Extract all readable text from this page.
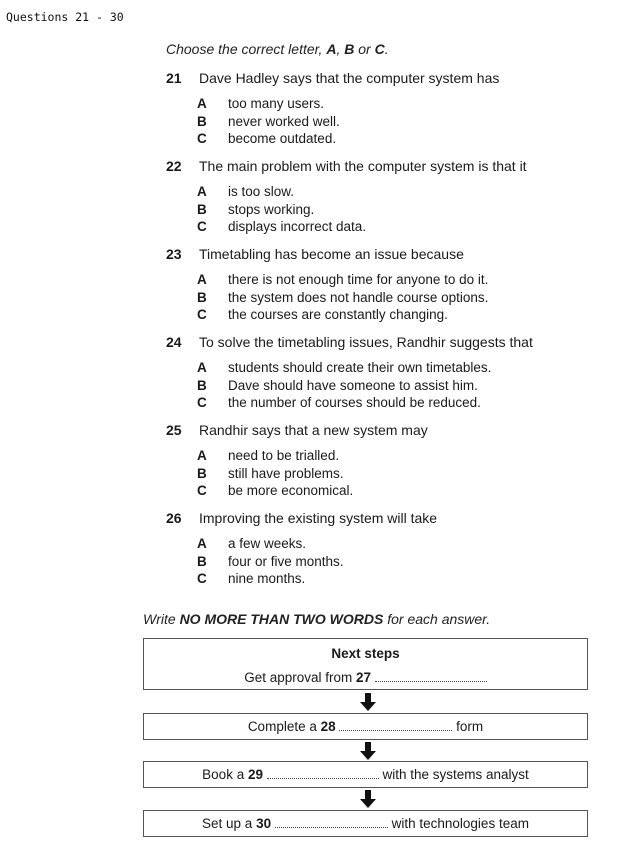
Questions 21 - 30
Choose the correct letter, A, B or C.
21	Dave Hadley says that the computer system has
A	too many users.
B	never worked well.
C	become outdated.
22	The main problem with the computer system is that it
A	is too slow.
B	stops working.
C	displays incorrect data.
23	Timetabling has become an issue because
A	there is not enough time for anyone to do it.
B	the system does not handle course options.
C	the courses are constantly changing.
24	To solve the timetabling issues, Randhir suggests that
A	students should create their own timetables.
B	Dave should have someone to assist him.
C	the number of courses should be reduced.
25	Randhir says that a new system may
A	need to be trialled.
B	still have problems.
C	be more economical.
26	Improving the existing system will take
A	a few weeks.
B	four or five months.
C	nine months.
Write NO MORE THAN TWO WORDS for each answer.
Next steps
Get approval from 27
Complete a 28	form
Book a 29	with the systems analyst
Set up a 30	with technologies team
